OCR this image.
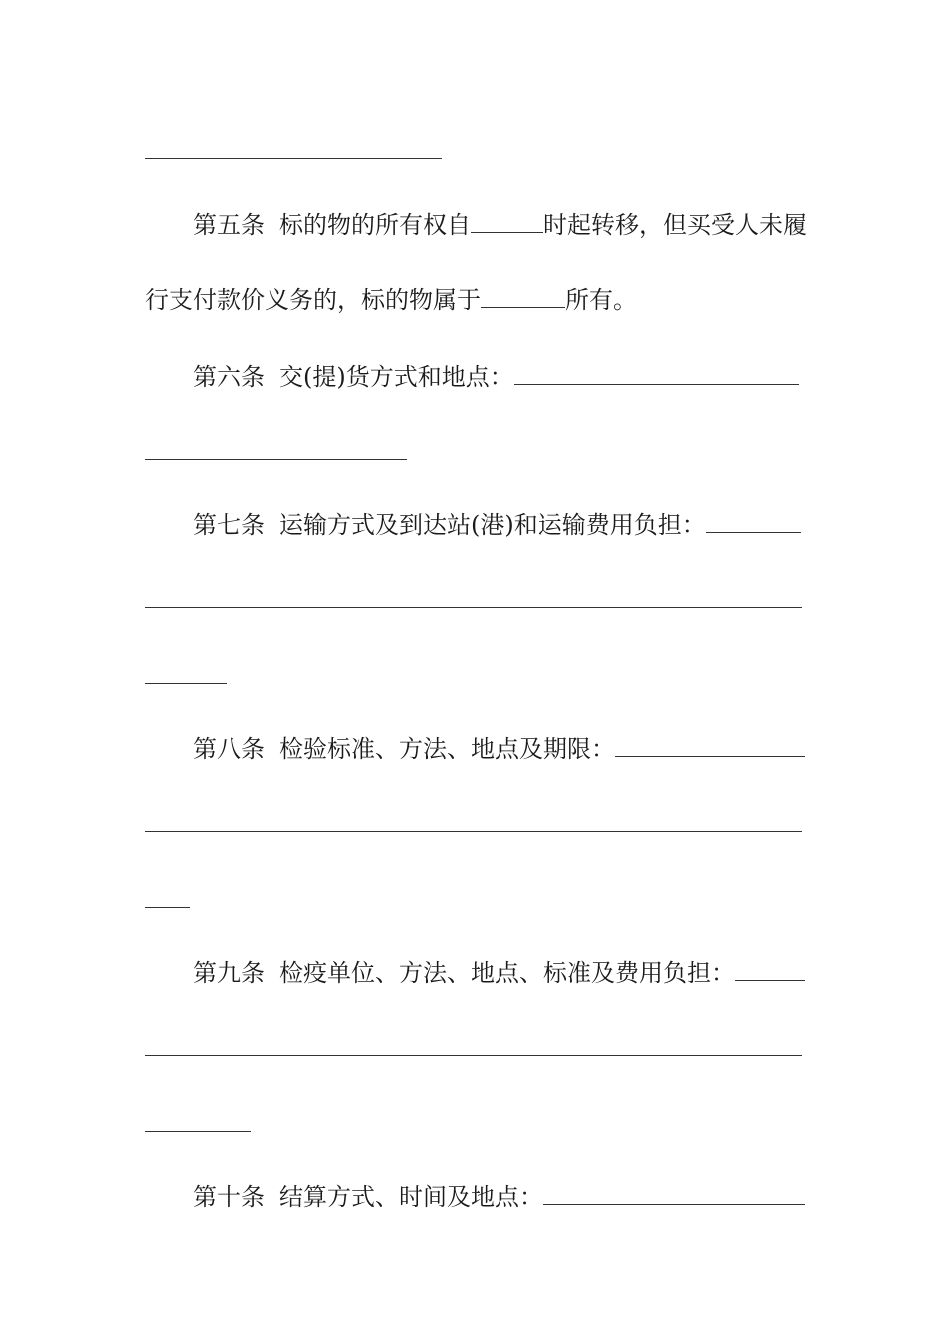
第五条 标的物的所有权自	时起转移，但买受人未履
行支付款价义务的，标的物属于	所有。
第六条 交(提)货方式和地点：
第七条 运输方式及到达站(港)和运输费用负担：
第八条 检验标准、方法、地点及期限：
第九条 检疫单位、方法、地点、标准及费用负担：
第十条 结算方式、时间及地点：
